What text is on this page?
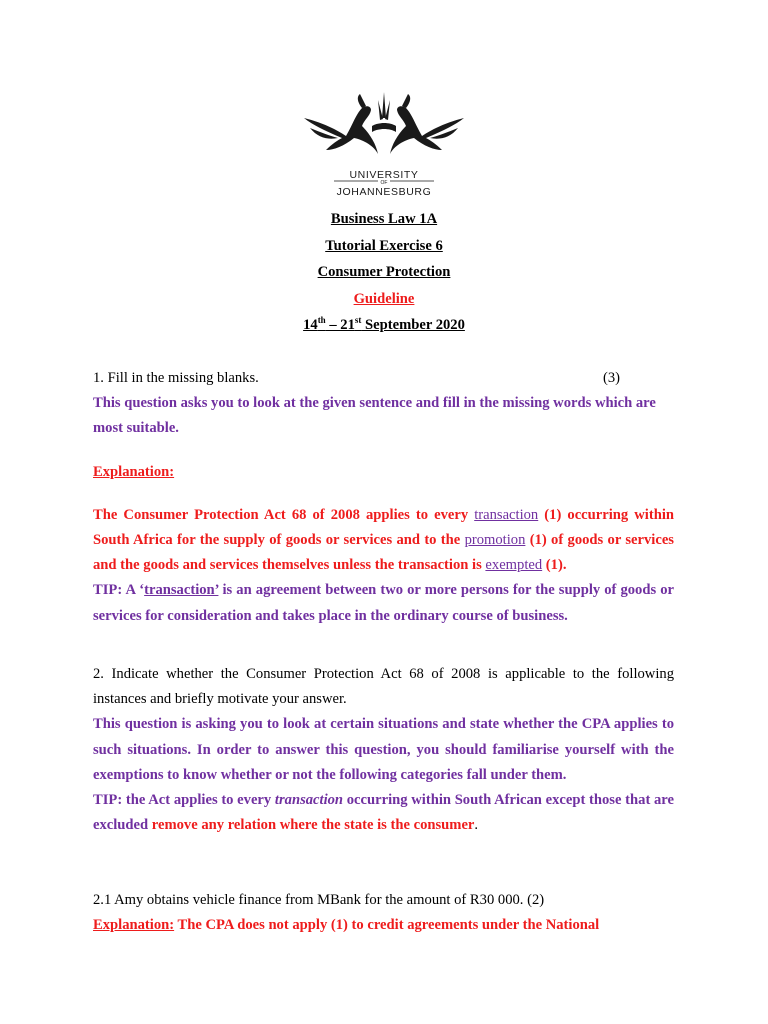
UNIVERSITY
OF
JOHANNESBURG
Business Law 1A
Tutorial Exercise 6
Consumer Protection
Guideline
14th – 21st September 2020

1. Fill in the missing blanks.	(3)

This question asks you to look at the given sentence and fill in the missing words which are most suitable.

Explanation:

The Consumer Protection Act 68 of 2008 applies to every transaction (1) occurring within South Africa for the supply of goods or services and to the promotion (1) of goods or services and the goods and services themselves unless the transaction is exempted (1).

TIP: A ‘transaction’ is an agreement between two or more persons for the supply of goods or services for consideration and takes place in the ordinary course of business.

2. Indicate whether the Consumer Protection Act 68 of 2008 is applicable to the following instances and briefly motivate your answer.

This question is asking you to look at certain situations and state whether the CPA applies to such situations. In order to answer this question, you should familiarise yourself with the exemptions to know whether or not the following categories fall under them.

TIP: the Act applies to every transaction occurring within South African except those that are excluded remove any relation where the state is the consumer.

2.1 Amy obtains vehicle finance from MBank for the amount of R30 000. (2)

Explanation: The CPA does not apply (1) to credit agreements under the National
